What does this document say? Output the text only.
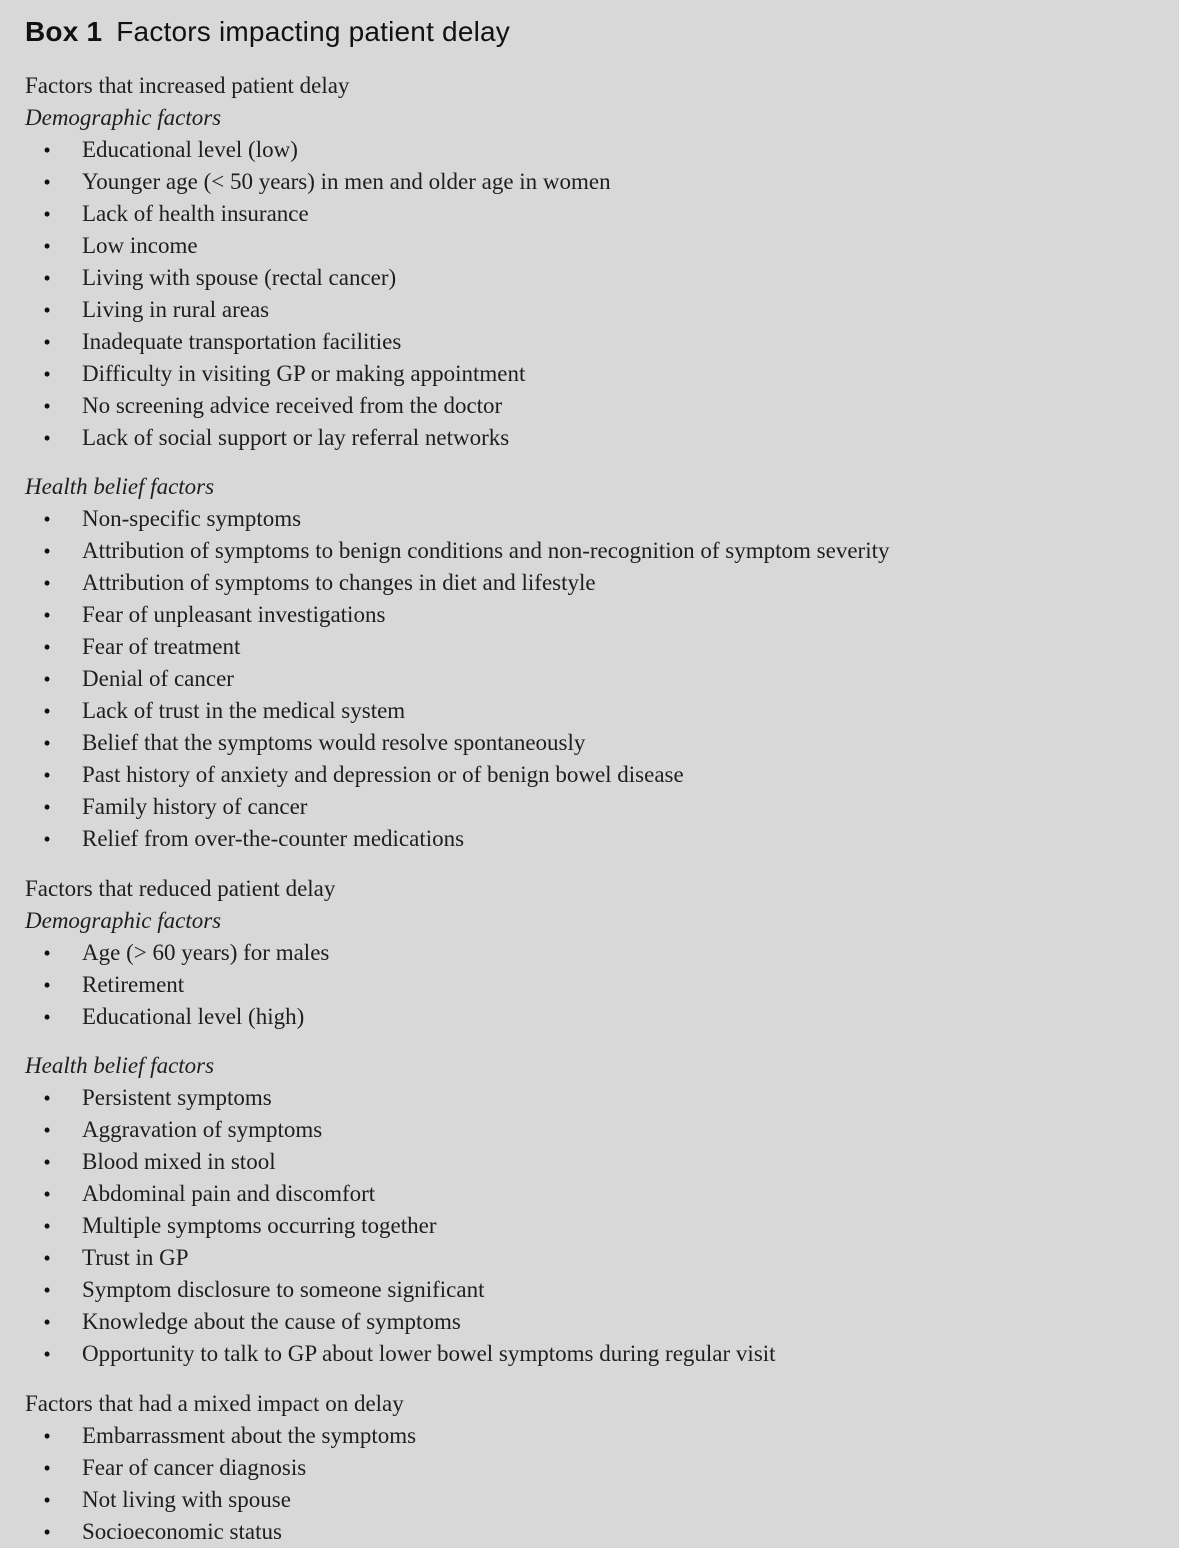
Box 1 Factors impacting patient delay
Factors that increased patient delay
Demographic factors
•	Educational level (low)
•	Younger age (< 50 years) in men and older age in women
•	Lack of health insurance
•	Low income
•	Living with spouse (rectal cancer)
•	Living in rural areas
•	Inadequate transportation facilities
•	Difficulty in visiting GP or making appointment
•	No screening advice received from the doctor
•	Lack of social support or lay referral networks
Health belief factors
•	Non-specific symptoms
•	Attribution of symptoms to benign conditions and non-recognition of symptom severity
•	Attribution of symptoms to changes in diet and lifestyle
•	Fear of unpleasant investigations
•	Fear of treatment
•	Denial of cancer
•	Lack of trust in the medical system
•	Belief that the symptoms would resolve spontaneously
•	Past history of anxiety and depression or of benign bowel disease
•	Family history of cancer
•	Relief from over-the-counter medications
Factors that reduced patient delay
Demographic factors
•	Age (> 60 years) for males
•	Retirement
•	Educational level (high)
Health belief factors
•	Persistent symptoms
•	Aggravation of symptoms
•	Blood mixed in stool
•	Abdominal pain and discomfort
•	Multiple symptoms occurring together
•	Trust in GP
•	Symptom disclosure to someone significant
•	Knowledge about the cause of symptoms
•	Opportunity to talk to GP about lower bowel symptoms during regular visit
Factors that had a mixed impact on delay
•	Embarrassment about the symptoms
•	Fear of cancer diagnosis
•	Not living with spouse
•	Socioeconomic status
